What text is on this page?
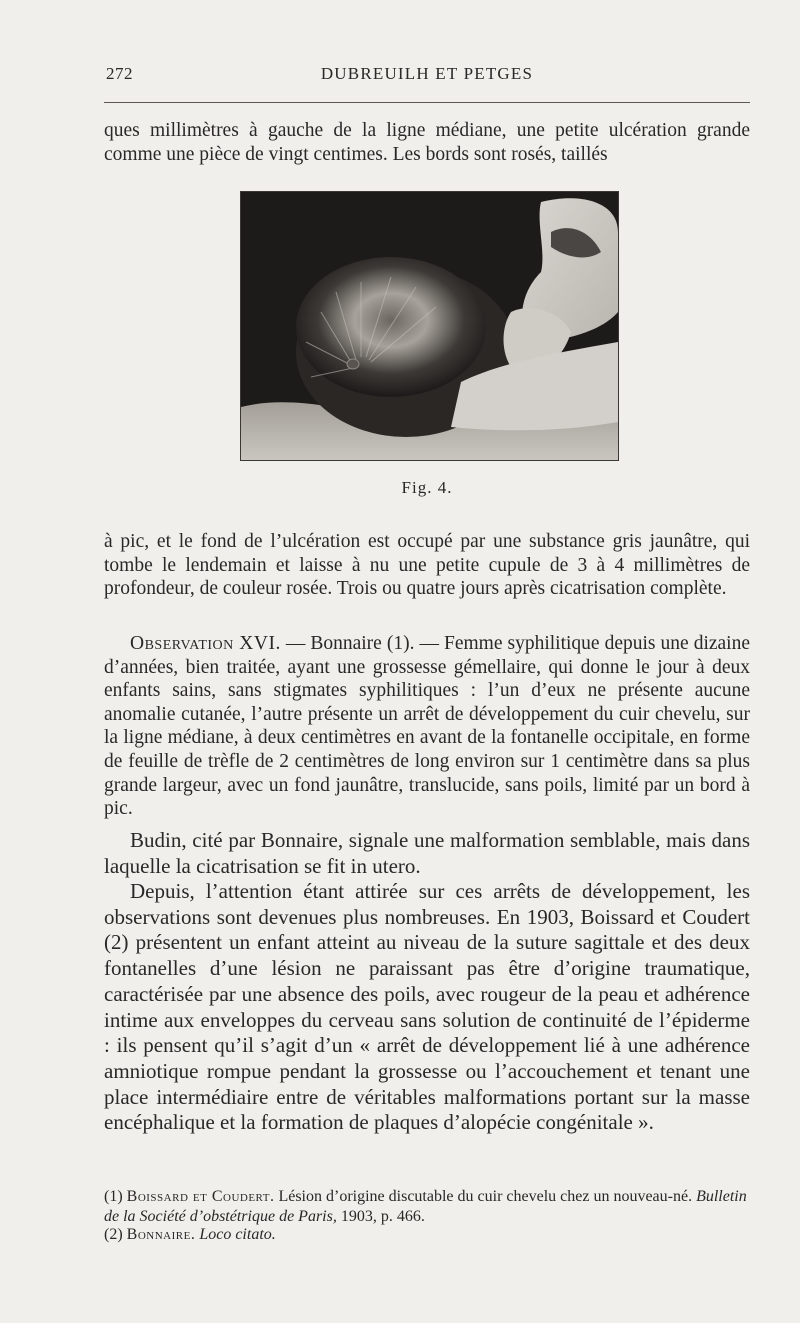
272	DUBREUILH ET PETGES
ques millimètres à gauche de la ligne médiane, une petite ulcération grande comme une pièce de vingt centimes. Les bords sont rosés, taillés
Fig. 4.
à pic, et le fond de l’ulcération est occupé par une substance gris jaunâtre, qui tombe le lendemain et laisse à nu une petite cupule de 3 à 4 millimètres de profondeur, de couleur rosée. Trois ou quatre jours après cicatrisation complète.
Observation XVI. — Bonnaire (1). — Femme syphilitique depuis une dizaine d’années, bien traitée, ayant une grossesse gémellaire, qui donne le jour à deux enfants sains, sans stigmates syphilitiques : l’un d’eux ne présente aucune anomalie cutanée, l’autre présente un arrêt de développement du cuir chevelu, sur la ligne médiane, à deux centimètres en avant de la fontanelle occipitale, en forme de feuille de trèfle de 2 centimètres de long environ sur 1 centimètre dans sa plus grande largeur, avec un fond jaunâtre, translucide, sans poils, limité par un bord à pic.
Budin, cité par Bonnaire, signale une malformation semblable, mais dans laquelle la cicatrisation se fit in utero.
Depuis, l’attention étant attirée sur ces arrêts de développement, les observations sont devenues plus nombreuses. En 1903, Boissard et Coudert (2) présentent un enfant atteint au niveau de la suture sagittale et des deux fontanelles d’une lésion ne paraissant pas être d’origine traumatique, caractérisée par une absence des poils, avec rougeur de la peau et adhérence intime aux enveloppes du cerveau sans solution de continuité de l’épiderme : ils pensent qu’il s’agit d’un « arrêt de développement lié à une adhérence amniotique rompue pendant la grossesse ou l’accouchement et tenant une place intermédiaire entre de véritables malformations portant sur la masse encéphalique et la formation de plaques d’alopécie congénitale ».
(1) Boissard et Coudert. Lésion d’origine discutable du cuir chevelu chez un nouveau-né. Bulletin de la Société d’obstétrique de Paris, 1903, p. 466.
(2) Bonnaire. Loco citato.
